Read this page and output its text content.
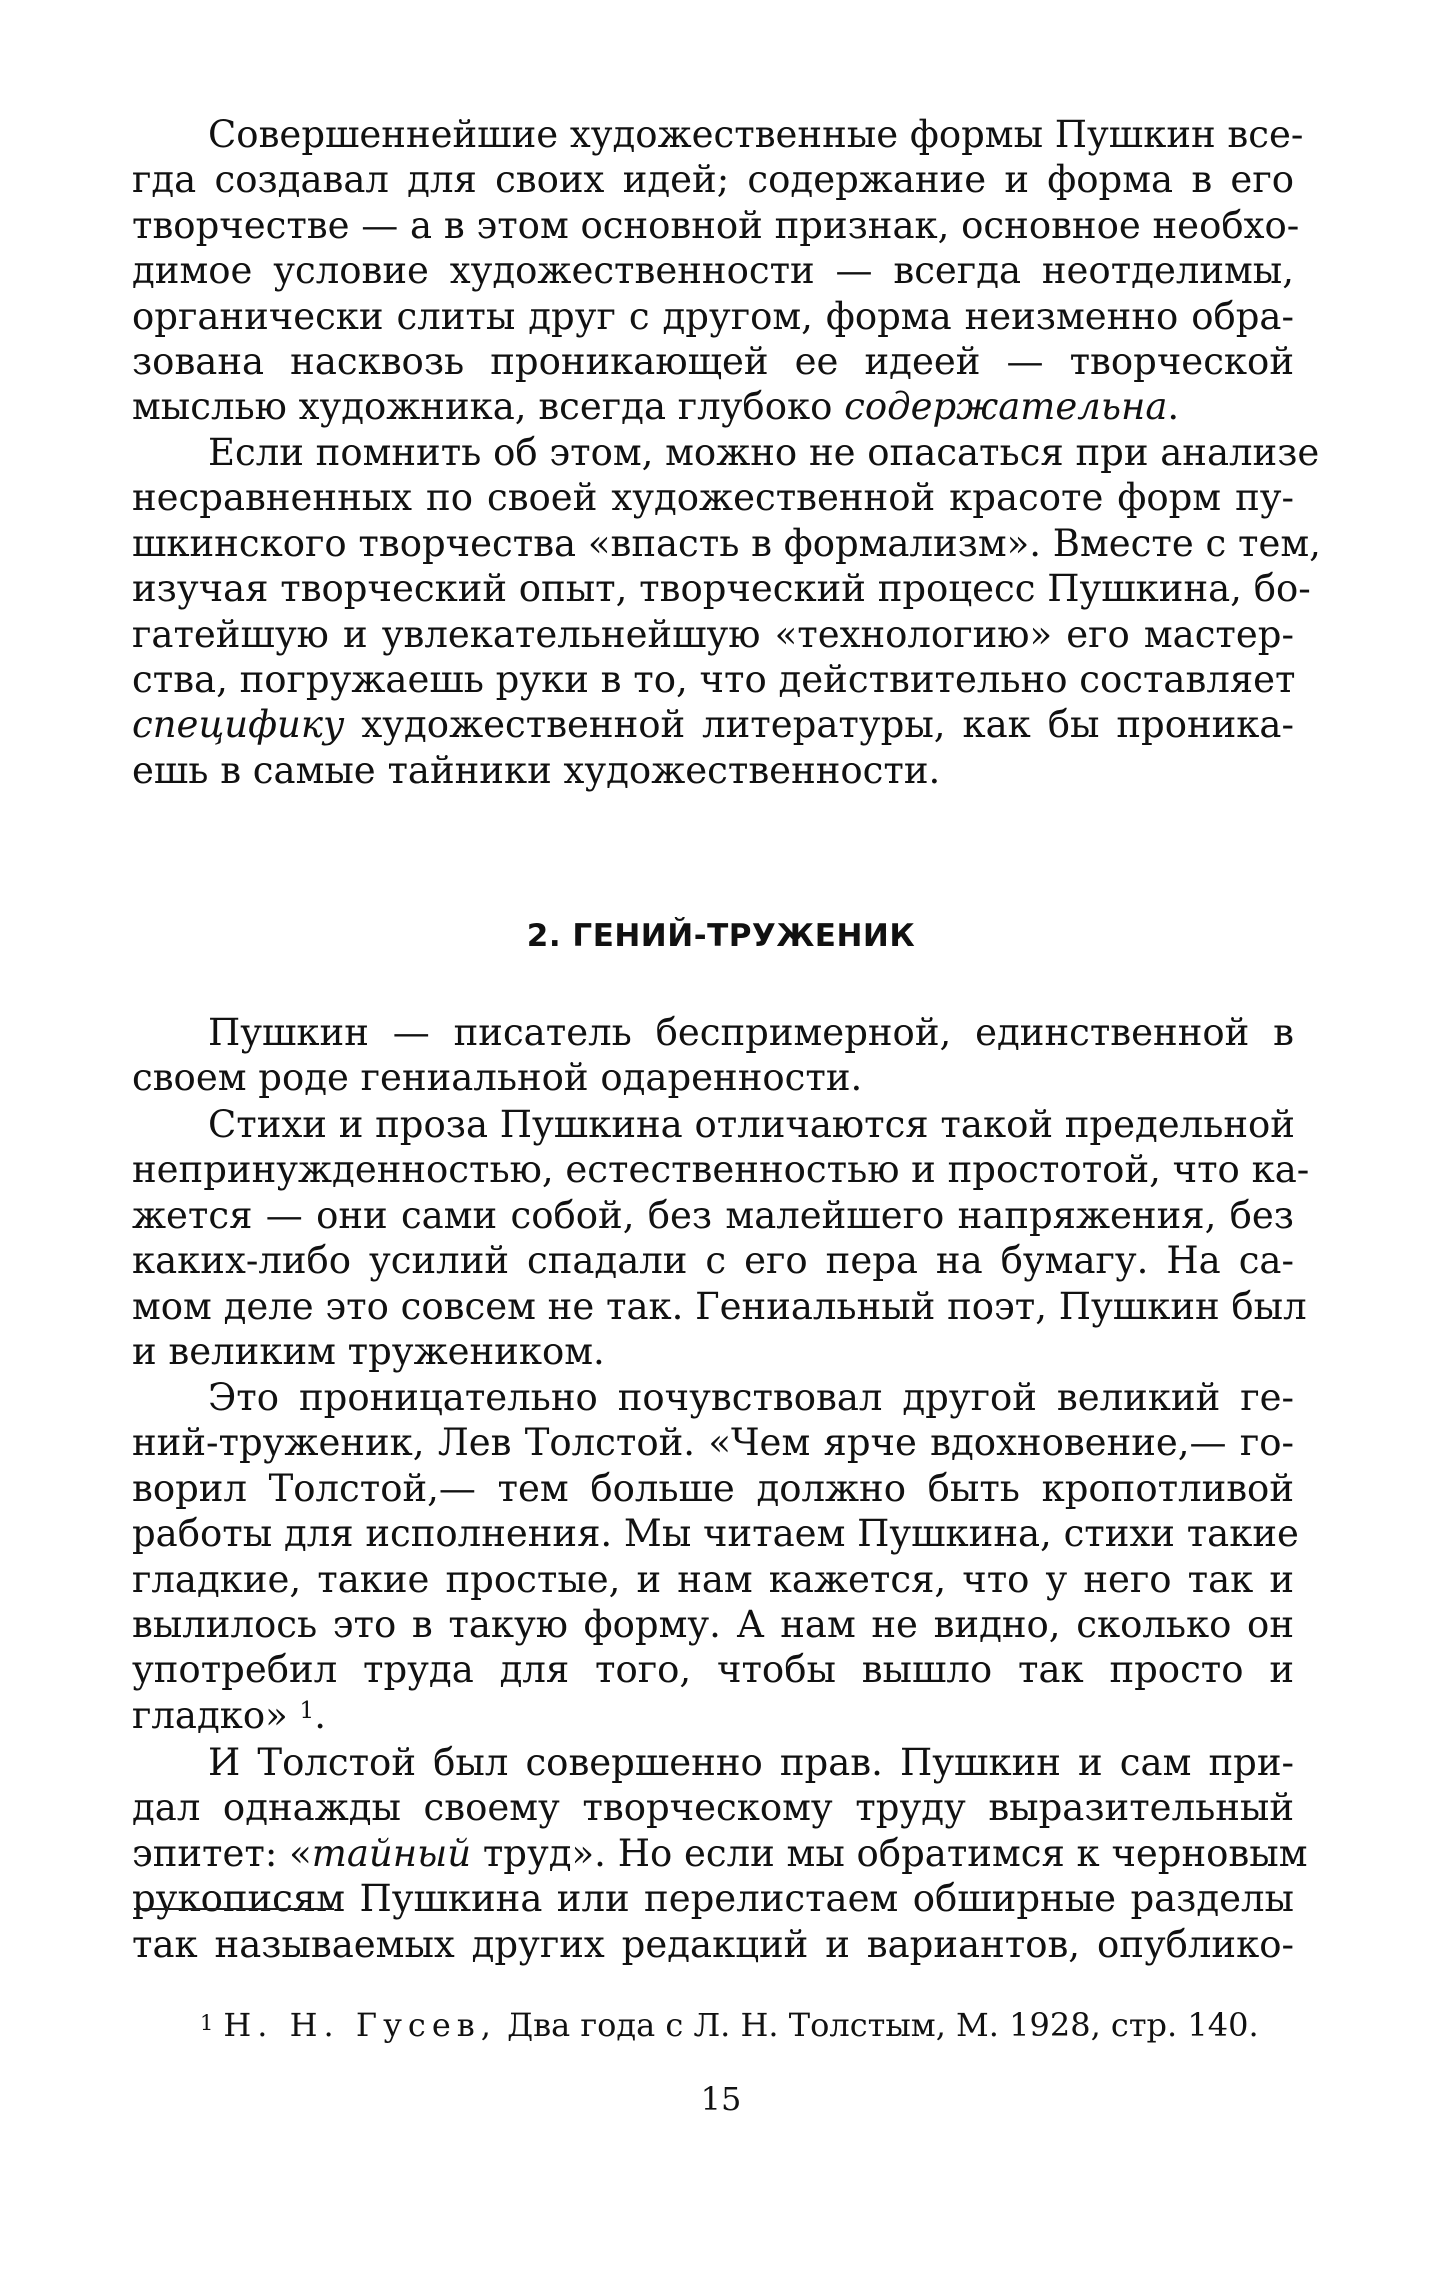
Совершеннейшие художественные формы Пушкин все-
гда создавал для своих идей; содержание и форма в его
творчестве — а в этом основной признак, основное необхо-
димое условие художественности — всегда неотделимы,
органически слиты друг с другом, форма неизменно обра-
зована насквозь проникающей ее идеей — творческой
мыслью художника, всегда глубоко содержательна.

Если помнить об этом, можно не опасаться при анализе
несравненных по своей художественной красоте форм пу-
шкинского творчества «впасть в формализм». Вместе с тем,
изучая творческий опыт, творческий процесс Пушкина, бо-
гатейшую и увлекательнейшую «технологию» его мастер-
ства, погружаешь руки в то, что действительно составляет
специфику художественной литературы, как бы проника-
ешь в самые тайники художественности.

2. ГЕНИЙ-ТРУЖЕНИК

Пушкин — писатель беспримерной, единственной в
своем роде гениальной одаренности.

Стихи и проза Пушкина отличаются такой предельной
непринужденностью, естественностью и простотой, что ка-
жется — они сами собой, без малейшего напряжения, без
каких-либо усилий спадали с его пера на бумагу. На са-
мом деле это совсем не так. Гениальный поэт, Пушкин был
и великим тружеником.

Это проницательно почувствовал другой великий ге-
ний-труженик, Лев Толстой. «Чем ярче вдохновение,— го-
ворил Толстой,— тем больше должно быть кропотливой
работы для исполнения. Мы читаем Пушкина, стихи такие
гладкие, такие простые, и нам кажется, что у него так и
вылилось это в такую форму. А нам не видно, сколько он
употребил труда для того, чтобы вышло так просто и
гладко» $^1$.

И Толстой был совершенно прав. Пушкин и сам при-
дал однажды своему творческому труду выразительный
эпитет: «тайный труд». Но если мы обратимся к черновым
рукописям Пушкина или перелистаем обширные разделы
так называемых других редакций и вариантов, опублико-

$^1$ Н. Н. Гусев, Два года с Л. Н. Толстым, М. 1928, стр. 140.
15
